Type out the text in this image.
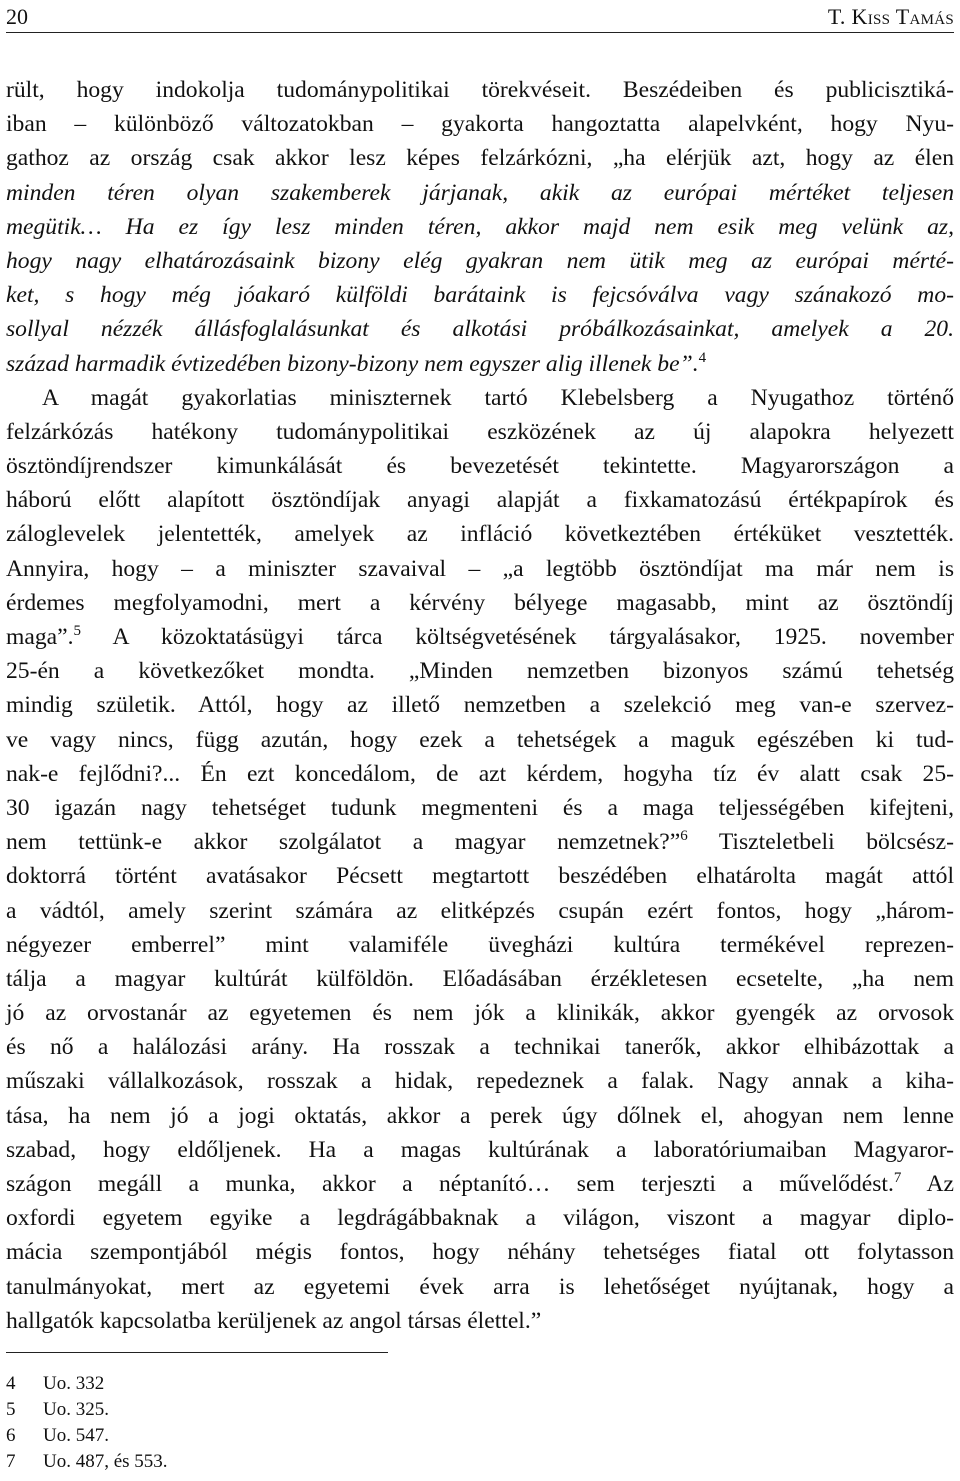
20	T. Kiss Tamás
rült, hogy indokolja tudománypolitikai törekvéseit. Beszédeiben és publicisztiká-
iban – különböző változatokban – gyakorta hangoztatta alapelvként, hogy Nyu-
gathoz az ország csak akkor lesz képes felzárkózni, „ha elérjük azt, hogy az élen
minden téren olyan szakemberek járjanak, akik az európai mértéket teljesen
megütik… Ha ez így lesz minden téren, akkor majd nem esik meg velünk az,
hogy nagy elhatározásaink bizony elég gyakran nem ütik meg az európai mérté-
ket, s hogy még jóakaró külföldi barátaink is fejcsóválva vagy szánakozó mo-
sollyal nézzék állásfoglalásunkat és alkotási próbálkozásainkat, amelyek a 20.
század harmadik évtizedében bizony-bizony nem egyszer alig illenek be”.$^4$
A magát gyakorlatias miniszternek tartó Klebelsberg a Nyugathoz történő
felzárkózás hatékony tudománypolitikai eszközének az új alapokra helyezett
ösztöndíjrendszer kimunkálását és bevezetését tekintette. Magyarországon a
háború előtt alapított ösztöndíjak anyagi alapját a fixkamatozású értékpapírok és
záloglevelek jelentették, amelyek az infláció következtében értéküket vesztették.
Annyira, hogy – a miniszter szavaival – „a legtöbb ösztöndíjat ma már nem is
érdemes megfolyamodni, mert a kérvény bélyege magasabb, mint az ösztöndíj
maga”.$^5$ A közoktatásügyi tárca költségvetésének tárgyalásakor, 1925. november
25-én a következőket mondta. „Minden nemzetben bizonyos számú tehetség
mindig születik. Attól, hogy az illető nemzetben a szelekció meg van-e szervez-
ve vagy nincs, függ azután, hogy ezek a tehetségek a maguk egészében ki tud-
nak-e fejlődni?... Én ezt koncedálom, de azt kérdem, hogyha tíz év alatt csak 25-
30 igazán nagy tehetséget tudunk megmenteni és a maga teljességében kifejteni,
nem tettünk-e akkor szolgálatot a magyar nemzetnek?”$^6$ Tiszteletbeli bölcsész-
doktorrá történt avatásakor Pécsett megtartott beszédében elhatárolta magát attól
a vádtól, amely szerint számára az elitképzés csupán ezért fontos, hogy „három-
négyezer emberrel” mint valamiféle üvegházi kultúra termékével reprezen-
tálja a magyar kultúrát külföldön. Előadásában érzékletesen ecsetelte, „ha nem
jó az orvostanár az egyetemen és nem jók a klinikák, akkor gyengék az orvosok
és nő a halálozási arány. Ha rosszak a technikai tanerők, akkor elhibázottak a
műszaki vállalkozások, rosszak a hidak, repedeznek a falak. Nagy annak a kiha-
tása, ha nem jó a jogi oktatás, akkor a perek úgy dőlnek el, ahogyan nem lenne
szabad, hogy eldőljenek. Ha a magas kultúrának a laboratóriumaiban Magyaror-
szágon megáll a munka, akkor a néptanító… sem terjeszti a művelődést.$^7$ Az
oxfordi egyetem egyike a legdrágábbaknak a világon, viszont a magyar diplo-
mácia szempontjából mégis fontos, hogy néhány tehetséges fiatal ott folytasson
tanulmányokat, mert az egyetemi évek arra is lehetőséget nyújtanak, hogy a
hallgatók kapcsolatba kerüljenek az angol társas élettel.”
4 Uo. 332
5 Uo. 325.
6 Uo. 547.
7 Uo. 487, és 553.
